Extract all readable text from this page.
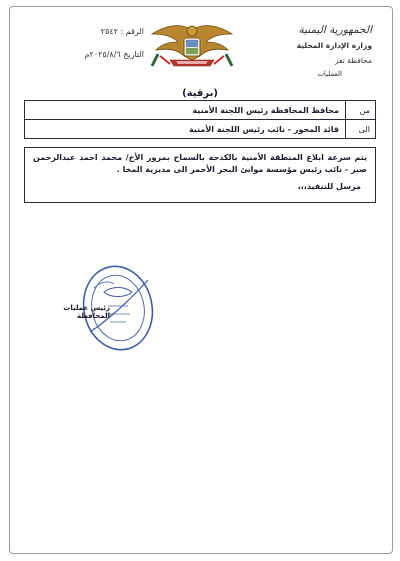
الجمهورية اليمنية
وزارة الإدارة المحلية
محافظة تعز
العمليات
الرقم : ٢٥٤٢
التاريخ ٢٠٢٥/٨/٦م
(برقية)
من
محافظ المحافظة رئيس اللجنة الأمنية
الى
قائد المحور - نائب رئيس اللجنة الأمنية
يتم سرعة ابلاغ المنطقة الأمنية بالكدحة بالسماح بمرور الأخ/ محمد احمد عبدالرحمن صبر - نائب رئيس مؤسسة موانئ البحر الأحمر الى مديرية المخا .
مرسل للتنفيذ،،،
رئيس عمليات المحافظة
